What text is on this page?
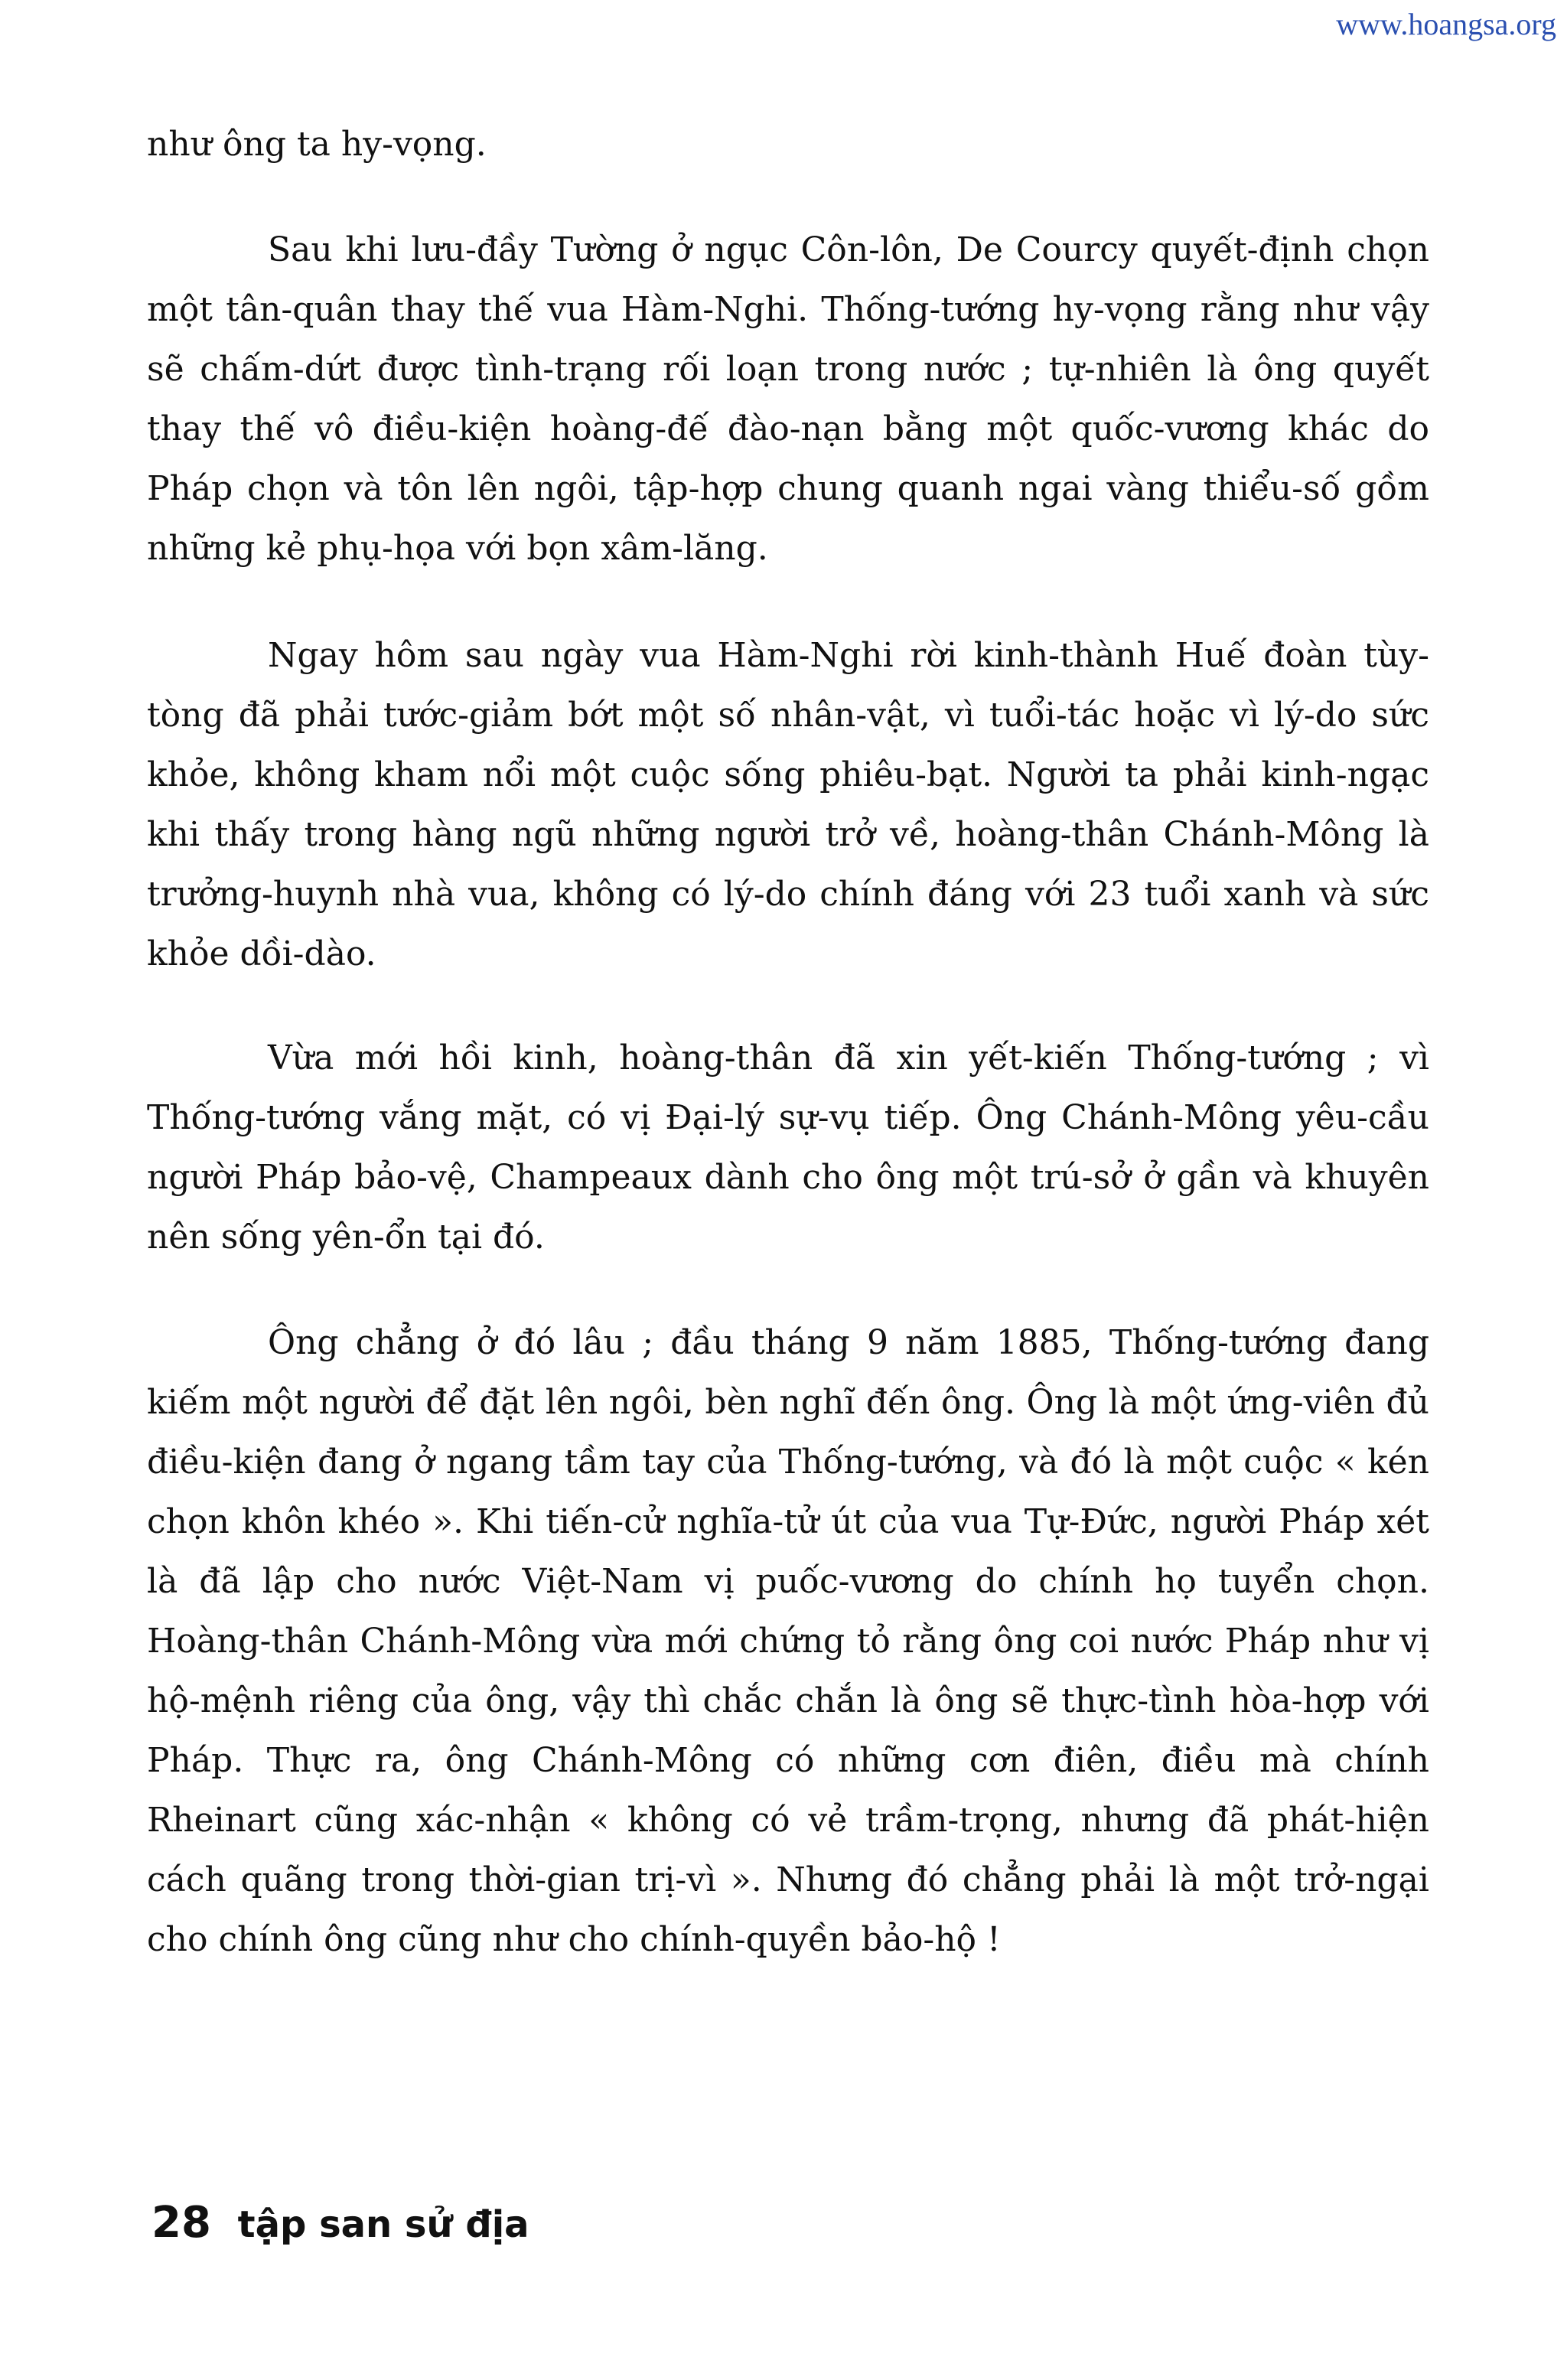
www.hoangsa.org

như ông ta hy-vọng.

Sau khi lưu-đầy Tường ở ngục Côn-lôn, De Courcy quyết-định chọn một tân-quân thay thế vua Hàm-Nghi. Thống-tướng hy-vọng rằng như vậy sẽ chấm-dứt được tình-trạng rối loạn trong nước ; tự-nhiên là ông quyết thay thế vô điều-kiện hoàng-đế đào-nạn bằng một quốc-vương khác do Pháp chọn và tôn lên ngôi, tập-hợp chung quanh ngai vàng thiểu-số gồm những kẻ phụ-họa với bọn xâm-lăng.

Ngay hôm sau ngày vua Hàm-Nghi rời kinh-thành Huế đoàn tùy-tòng đã phải tước-giảm bớt một số nhân-vật, vì tuổi-tác hoặc vì lý-do sức khỏe, không kham nổi một cuộc sống phiêu-bạt. Người ta phải kinh-ngạc khi thấy trong hàng ngũ những người trở về, hoàng-thân Chánh-Mông là trưởng-huynh nhà vua, không có lý-do chính đáng với 23 tuổi xanh và sức khỏe dồi-dào.

Vừa mới hồi kinh, hoàng-thân đã xin yết-kiến Thống-tướng ; vì Thống-tướng vắng mặt, có vị Đại-lý sự-vụ tiếp. Ông Chánh-Mông yêu-cầu người Pháp bảo-vệ, Champeaux dành cho ông một trú-sở ở gần và khuyên nên sống yên-ổn tại đó.

Ông chẳng ở đó lâu ; đầu tháng 9 năm 1885, Thống-tướng đang kiếm một người để đặt lên ngôi, bèn nghĩ đến ông. Ông là một ứng-viên đủ điều-kiện đang ở ngang tầm tay của Thống-tướng, và đó là một cuộc « kén chọn khôn khéo ». Khi tiến-cử nghĩa-tử út của vua Tự-Đức, người Pháp xét là đã lập cho nước Việt-Nam vị puốc-vương do chính họ tuyển chọn. Hoàng-thân Chánh-Mông vừa mới chứng tỏ rằng ông coi nước Pháp như vị hộ-mệnh riêng của ông, vậy thì chắc chắn là ông sẽ thực-tình hòa-hợp với Pháp. Thực ra, ông Chánh-Mông có những cơn điên, điều mà chính Rheinart cũng xác-nhận « không có vẻ trầm-trọng, nhưng đã phát-hiện cách quãng trong thời-gian trị-vì ». Nhưng đó chẳng phải là một trở-ngại cho chính ông cũng như cho chính-quyền bảo-hộ !

28 tập san sử địa
